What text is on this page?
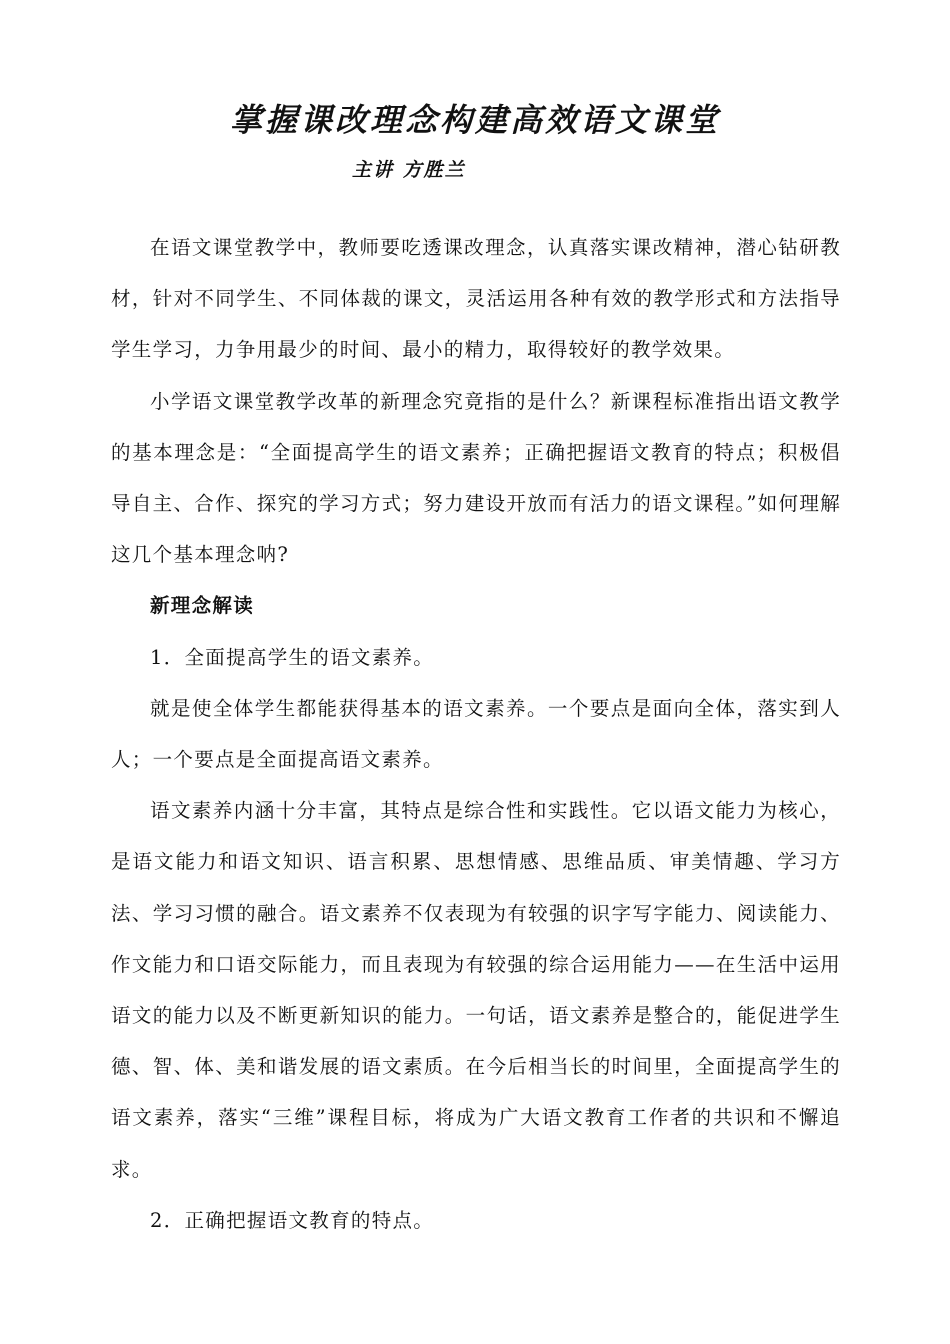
掌握课改理念构建高效语文课堂
主讲 方胜兰

在语文课堂教学中，教师要吃透课改理念，认真落实课改精神，潜心钻研教材，针对不同学生、不同体裁的课文，灵活运用各种有效的教学形式和方法指导学生学习，力争用最少的时间、最小的精力，取得较好的教学效果。

小学语文课堂教学改革的新理念究竟指的是什么？新课程标准指出语文教学的基本理念是：“全面提高学生的语文素养；正确把握语文教育的特点；积极倡导自主、合作、探究的学习方式；努力建设开放而有活力的语文课程。”如何理解这几个基本理念呐?

新理念解读

1．全面提高学生的语文素养。

就是使全体学生都能获得基本的语文素养。一个要点是面向全体，落实到人人；一个要点是全面提高语文素养。

语文素养内涵十分丰富，其特点是综合性和实践性。它以语文能力为核心，是语文能力和语文知识、语言积累、思想情感、思维品质、审美情趣、学习方法、学习习惯的融合。语文素养不仅表现为有较强的识字写字能力、阅读能力、作文能力和口语交际能力，而且表现为有较强的综合运用能力——在生活中运用语文的能力以及不断更新知识的能力。一句话，语文素养是整合的，能促进学生德、智、体、美和谐发展的语文素质。在今后相当长的时间里，全面提高学生的语文素养，落实“三维”课程目标，将成为广大语文教育工作者的共识和不懈追求。

2．正确把握语文教育的特点。
